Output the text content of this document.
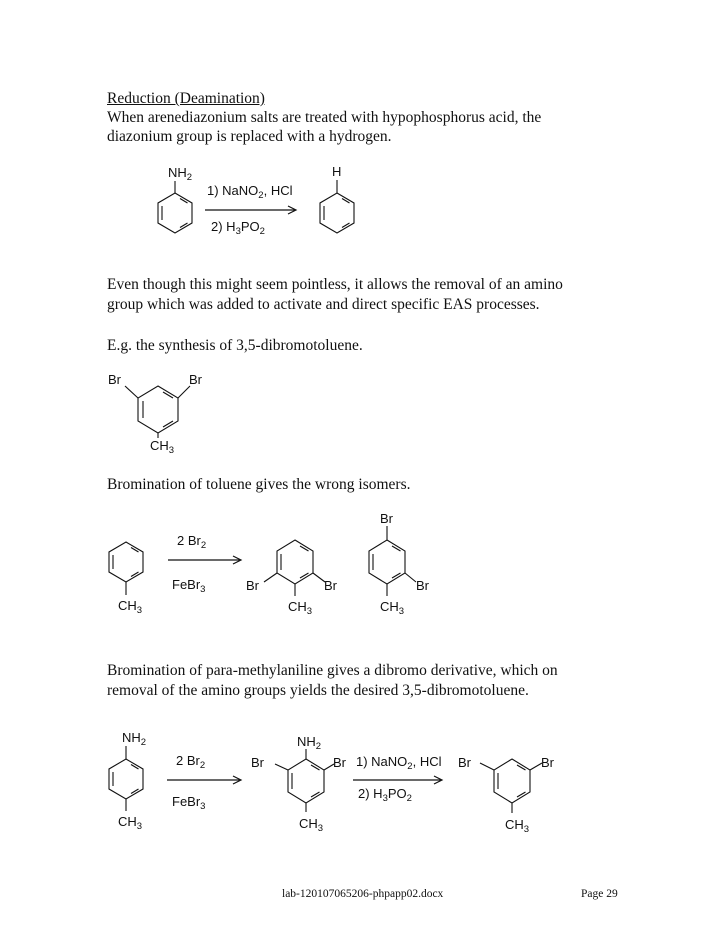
Reduction (Deamination)

When arenediazonium salts are treated with hypophosphorus acid, the

diazonium group is replaced with a hydrogen.

$NH_2$
1) NaNO$_2$, HCl
2) $H_3PO_2$
H

Even though this might seem pointless, it allows the removal of an amino

group which was added to activate and direct specific EAS processes.

E.g. the synthesis of 3,5-dibromotoluene.

Br	Br
$CH_3$

Bromination of toluene gives the wrong isomers.

$CH_3$
2 $Br_2$
FeBr$_3$	Br	Br
$CH_3$
Br
Br
$CH_3$

Bromination of para-methylaniline gives a dibromo derivative, which on

removal of the amino groups yields the desired 3,5-dibromotoluene.

$NH_2$
$CH_3$
2 $Br_2$
FeBr$_3$
$NH_2$
Br	Br
$CH_3$
1) NaNO$_2$, HCl
2) $H_3PO_2$
Br	Br
$CH_3$
lab-120107065206-phpapp02.docx	Page 29
